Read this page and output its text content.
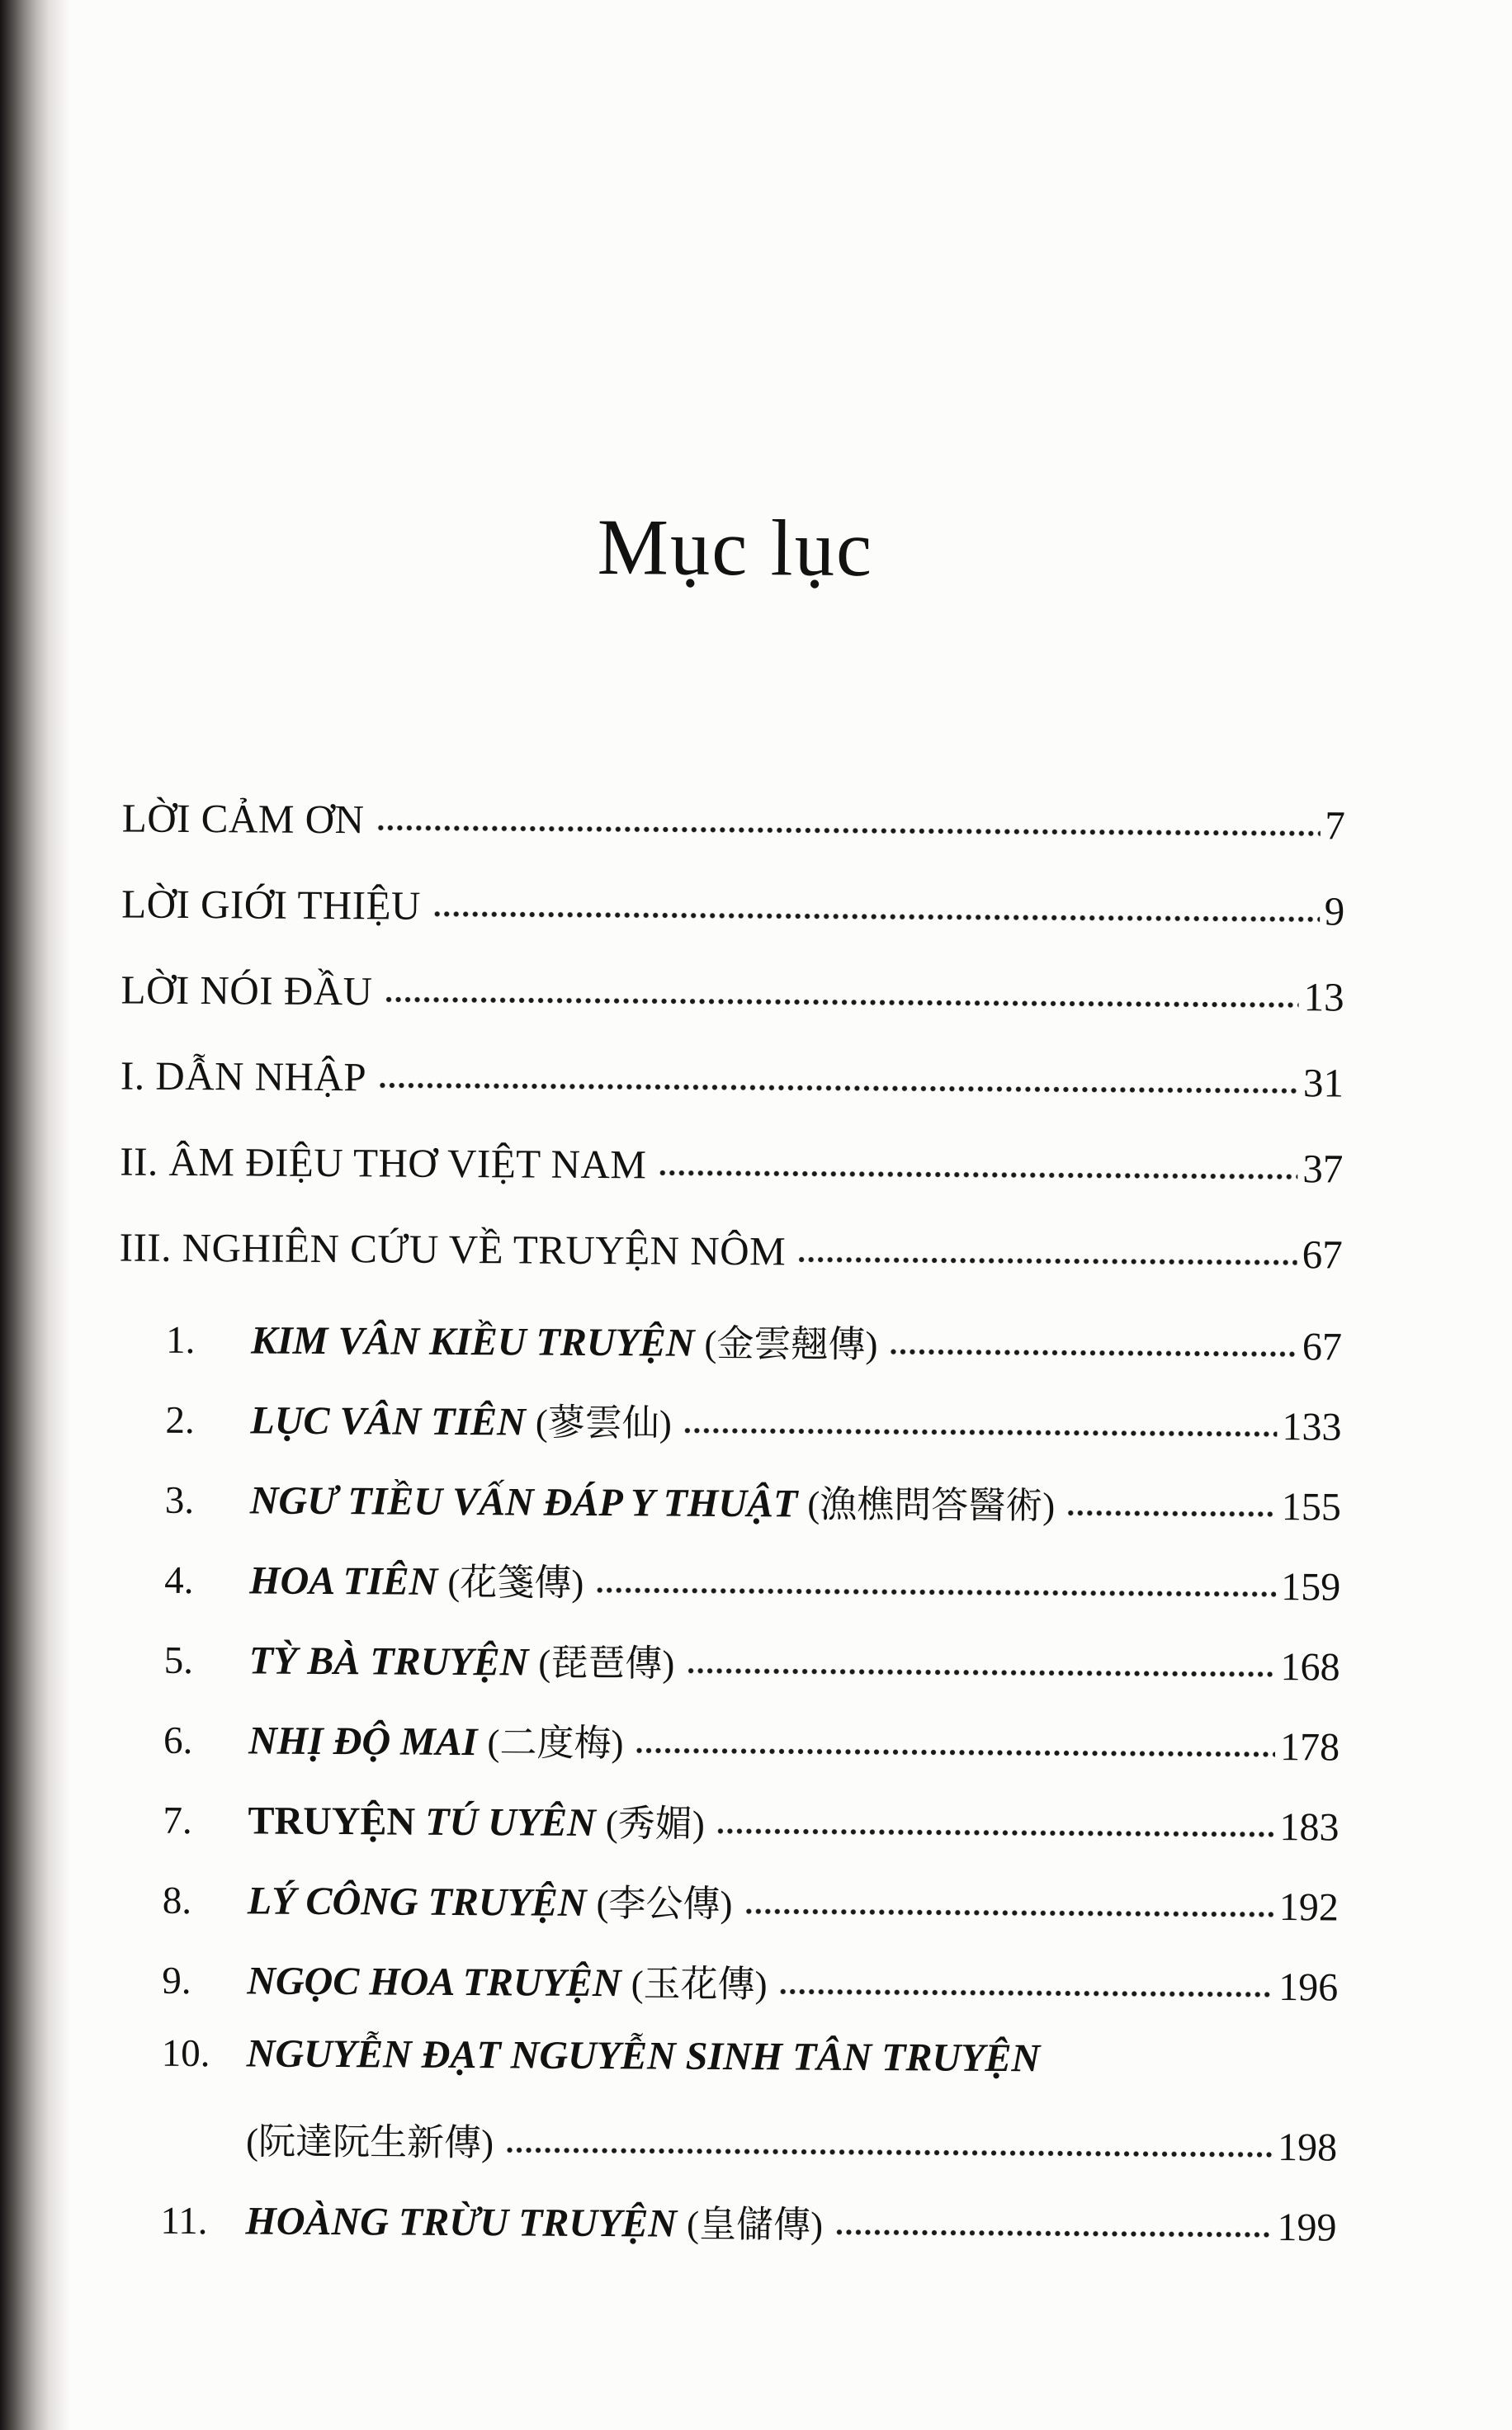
Mục lục
LỜI CẢM ƠN	7
LỜI GIỚI THIỆU	9
LỜI NÓI ĐẦU	13
I. DẪN NHẬP	31
II. ÂM ĐIỆU THƠ VIỆT NAM	37
III. NGHIÊN CỨU VỀ TRUYỆN NÔM	67
1.	KIM VÂN KIỀU TRUYỆN (金雲翹傳)	67
2.	LỤC VÂN TIÊN (蓼雲仙)	133
3.	NGƯ TIỀU VẤN ĐÁP Y THUẬT (漁樵問答醫術)	155
4.	HOA TIÊN (花箋傳)	159
5.	TỲ BÀ TRUYỆN (琵琶傳)	168
6.	NHỊ ĐỘ MAI (二度梅)	178
7.	TRUYỆN TÚ UYÊN (秀媚)	183
8.	LÝ CÔNG TRUYỆN (李公傳)	192
9.	NGỌC HOA TRUYỆN (玉花傳)	196
10. NGUYỄN ĐẠT NGUYỄN SINH TÂN TRUYỆN
(阮達阮生新傳)	198
11. HOÀNG TRỪU TRUYỆN (皇儲傳)	199
